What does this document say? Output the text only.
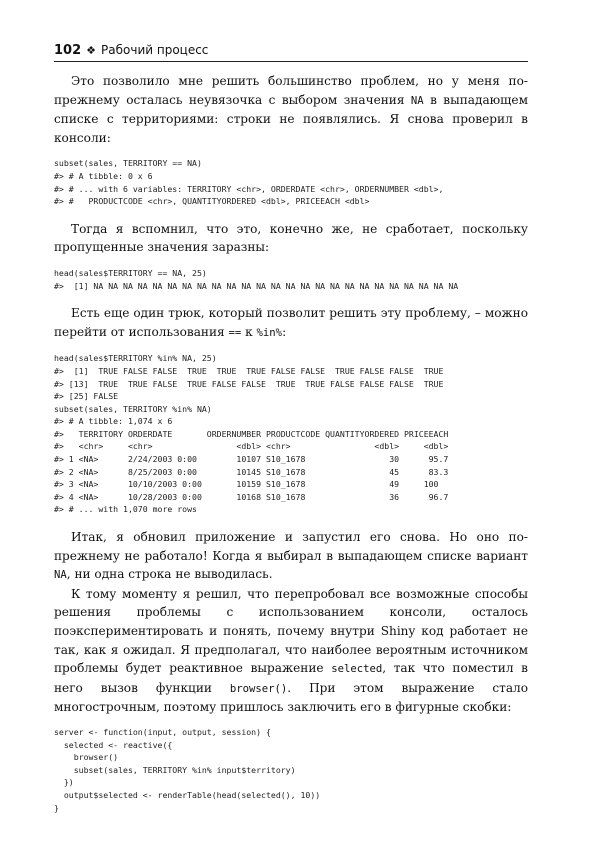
102 ❖ Рабочий процесс

Это позволило мне решить большинство проблем, но у меня по-прежнему осталась неувязочка с выбором значения NA в выпадающем списке с территориями: строки не появлялись. Я снова проверил в консоли:

subset(sales, TERRITORY == NA)
#> # A tibble: 0 x 6
#> # ... with 6 variables: TERRITORY <chr>, ORDERDATE <chr>, ORDERNUMBER <dbl>,
#> #   PRODUCTCODE <chr>, QUANTITYORDERED <dbl>, PRICEEACH <dbl>

Тогда я вспомнил, что это, конечно же, не сработает, поскольку пропущенные значения заразны:

head(sales$TERRITORY == NA, 25)
#>  [1] NA NA NA NA NA NA NA NA NA NA NA NA NA NA NA NA NA NA NA NA NA NA NA NA NA

Есть еще один трюк, который позволит решить эту проблему, – можно перейти от использования == к %in%:

head(sales$TERRITORY %in% NA, 25)
#>  [1]  TRUE FALSE FALSE  TRUE  TRUE  TRUE FALSE FALSE  TRUE FALSE FALSE  TRUE
#> [13]  TRUE  TRUE FALSE  TRUE FALSE FALSE  TRUE  TRUE FALSE FALSE FALSE  TRUE
#> [25] FALSE
subset(sales, TERRITORY %in% NA)
#> # A tibble: 1,074 x 6
#>   TERRITORY ORDERDATE       ORDERNUMBER PRODUCTCODE QUANTITYORDERED PRICEEACH
#>   <chr>     <chr>                 <dbl> <chr>                 <dbl>     <dbl>
#> 1 <NA>      2/24/2003 0:00        10107 S10_1678                 30      95.7
#> 2 <NA>      8/25/2003 0:00        10145 S10_1678                 45      83.3
#> 3 <NA>      10/10/2003 0:00       10159 S10_1678                 49     100
#> 4 <NA>      10/28/2003 0:00       10168 S10_1678                 36      96.7
#> # ... with 1,070 more rows

Итак, я обновил приложение и запустил его снова. Но оно по-прежнему не работало! Когда я выбирал в выпадающем списке вариант NA, ни одна строка не выводилась.

К тому моменту я решил, что перепробовал все возможные способы решения проблемы с использованием консоли, осталось поэкспериментировать и понять, почему внутри Shiny код работает не так, как я ожидал. Я предполагал, что наиболее вероятным источником проблемы будет реактивное выражение selected, так что поместил в него вызов функции browser(). При этом выражение стало многострочным, поэтому пришлось заключить его в фигурные скобки:

server <- function(input, output, session) {
selected <- reactive({
browser()
subset(sales, TERRITORY %in% input$territory)
})
output$selected <- renderTable(head(selected(), 10))
}
